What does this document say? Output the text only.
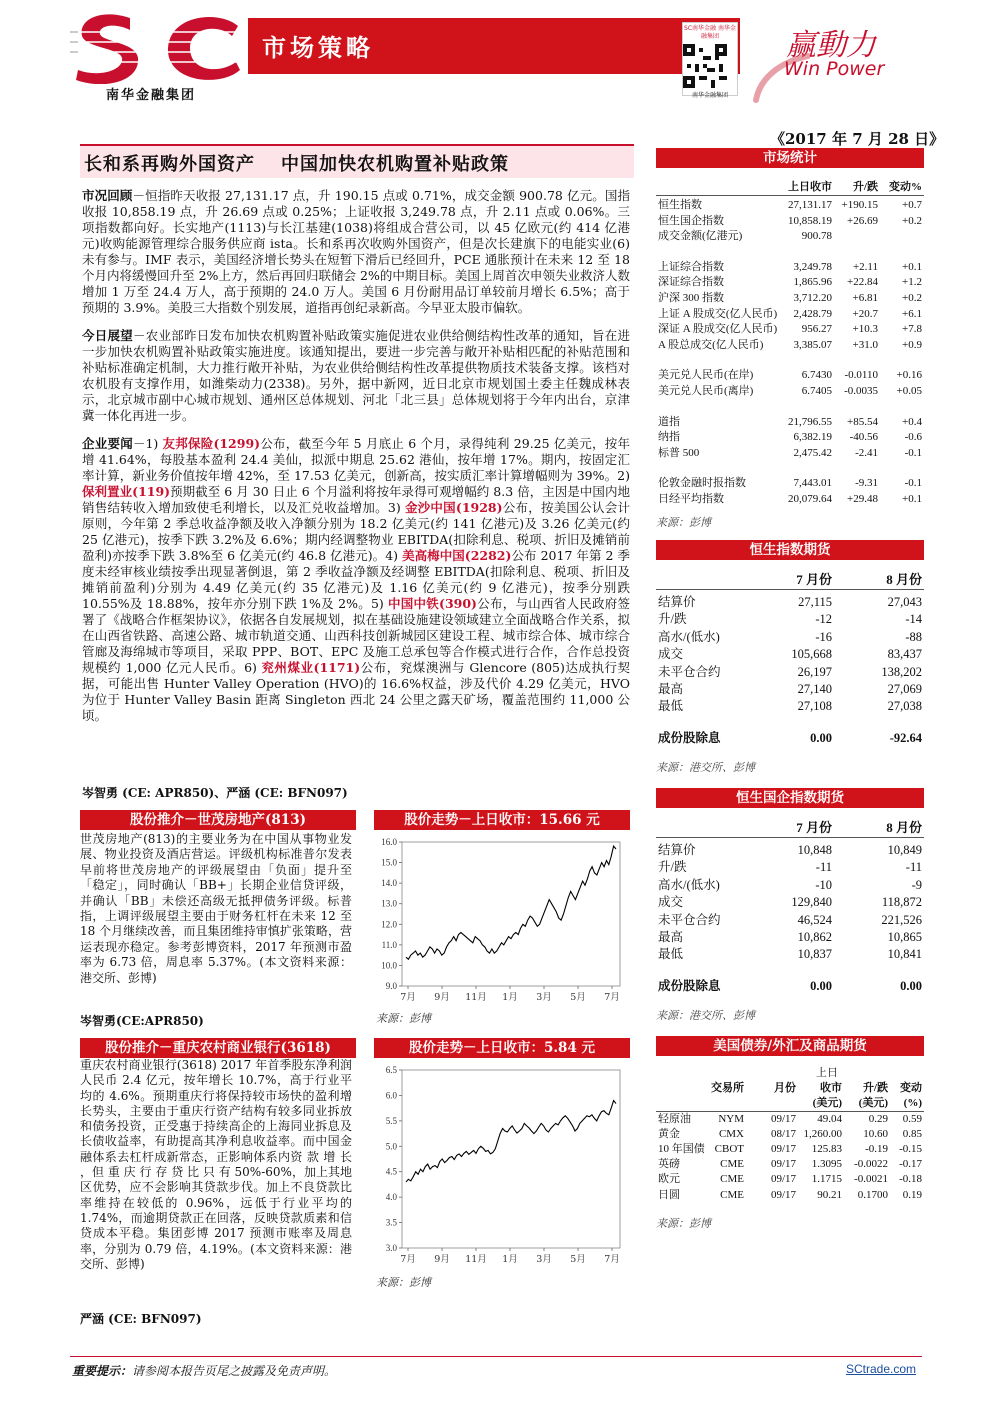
南华金融集团
市场策略
SC南华金融 南华金融集团
南华金融集团
赢動力
Win Power
《2017 年 7 月 28 日》
长和系再购外国资产 中国加快农机购置补贴政策

市况回顾－恒指昨天收报 27,131.17 点，升 190.15 点或 0.71%，成交金额 900.78 亿元。国指收报 10,858.19 点，升 26.69 点或 0.25%；上证收报 3,249.78 点，升 2.11 点或 0.06%。三项指数都向好。长实地产(1113)与长江基建(1038)将组成合营公司，以 45 亿欧元(约 414 亿港元)收购能源管理综合服务供应商 ista。长和系再次收购外国资产，但是次长建旗下的电能实业(6)未有参与。IMF 表示，美国经济增长势头在短暂下滑后已经回升，PCE 通胀预计在未来 12 至 18 个月内将缓慢回升至 2%上方，然后再回归联储会 2%的中期目标。美国上周首次申领失业救济人数增加 1 万至 24.4 万人，高于预期的 24.0 万人。美国 6 月份耐用品订单较前月增长 6.5%；高于预期的 3.9%。美股三大指数个别发展，道指再创纪录新高。今早亚太股市偏软。

今日展望－农业部昨日发布加快农机购置补贴政策实施促进农业供给侧结构性改革的通知，旨在进一步加快农机购置补贴政策实施进度。该通知提出，要进一步完善与敞开补贴相匹配的补贴范围和补贴标准确定机制，大力推行敞开补贴，为农业供给侧结构性改革提供物质技术装备支撑。该档对农机股有支撑作用，如潍柴动力(2338)。另外，据中新网，近日北京市规划国土委主任魏成林表示，北京城市副中心城市规划、通州区总体规划、河北「北三县」总体规划将于今年内出台，京津冀一体化再进一步。

企业要闻－1) 友邦保险(1299)公布，截至今年 5 月底止 6 个月，录得纯利 29.25 亿美元，按年增 41.64%，每股基本盈利 24.4 美仙，拟派中期息 25.62 港仙，按年增 17%。期内，按固定汇率计算，新业务价值按年增 42%，至 17.53 亿美元，创新高，按实质汇率计算增幅则为 39%。2) 保利置业(119)预期截至 6 月 30 日止 6 个月溢利将按年录得可观增幅约 8.3 倍，主因是中国内地销售结转收入增加致使毛利增长，以及汇兑收益增加。3) 金沙中国(1928)公布，按美国公认会计原则，今年第 2 季总收益净额及收入净额分别为 18.2 亿美元(约 141 亿港元)及 3.26 亿美元(约 25 亿港元)，按季下跌 3.2%及 6.6%；期内经调整物业 EBITDA(扣除利息、税项、折旧及摊销前盈利)亦按季下跌 3.8%至 6 亿美元(约 46.8 亿港元)。4) 美高梅中国(2282)公布 2017 年第 2 季度未经审核业绩按季出现显著倒退，第 2 季收益净额及经调整 EBITDA(扣除利息、税项、折旧及摊销前盈利)分别为 4.49 亿美元(约 35 亿港元)及 1.16 亿美元(约 9 亿港元)，按季分别跌 10.55%及 18.88%，按年亦分别下跌 1%及 2%。5) 中国中铁(390)公布，与山西省人民政府签署了《战略合作框架协议》，依据各自发展规划，拟在基础设施建设领域建立全面战略合作关系，拟在山西省铁路、高速公路、城市轨道交通、山西科技创新城园区建设工程、城市综合体、城市综合管廊及海绵城市等项目，采取 PPP、BOT、EPC 及施工总承包等合作模式进行合作，合作总投资规模约 1,000 亿元人民币。6) 兖州煤业(1171)公布，兖煤澳洲与 Glencore (805)达成执行契据，可能出售 Hunter Valley Operation (HVO)的 16.6%权益，涉及代价 4.29 亿美元，HVO 为位于 Hunter Valley Basin 距离 Singleton 西北 24 公里之露天矿场，覆盖范围约 11,000 公顷。

岑智勇 (CE: APR850)、严涵 (CE: BFN097)
股份推介－世茂房地产(813)
世茂房地产(813)的主要业务为在中国从事物业发展、物业投资及酒店营运。评级机构标准普尔发表早前将世茂房地产的评级展望由「负面」提升至「稳定」，同时确认「BB+」长期企业信贷评级，并确认「BB」未偿还高级无抵押债务评级。标普指，上调评级展望主要由于财务杠杆在未来 12 至 18 个月继续改善，而且集团维持审慎扩张策略，营运表现亦稳定。参考彭博资料，2017 年预测市盈率为 6.73 倍，周息率 5.37%。(本文资料来源：港交所、彭博)
岑智勇(CE:APR850)
股价走势－上日收市：15.66 元
9.0
10.0
11.0
12.0
13.0
14.0
15.0
16.0
7月 9月 11月 1月 3月 5月 7月
来源：彭博
股份推介－重庆农村商业银行(3618)
重庆农村商业银行(3618) 2017 年首季股东净利润人民币 2.4 亿元，按年增长 10.7%，高于行业平均的 4.6%。预期重庆行将保持较市场快的盈利增长势头，主要由于重庆行资产结构有较多同业拆放和债务投资，正受惠于持续高企的上海同业拆息及长债收益率，有助提高其净利息收益率。而中国金融体系去杠杆成新常态，正影响体系内资 款 增 长 ，但 重 庆 行 存 贷 比 只 有 50%-60%，加上其地区优势，应不会影响其贷款步伐。加上不良贷款比率维持在较低的 0.96%，远低于行业平均的 1.74%，而逾期贷款正在回落，反映贷款质素和信贷成本平稳。集团彭博 2017 预测市账率及周息率，分别为 0.79 倍，4.19%。(本文资料来源：港交所、彭博)
严涵 (CE: BFN097)
股价走势－上日收市：5.84 元
3.0
3.5
4.0
4.5
5.0
5.5
6.0
6.5
7月 9月 11月 1月 3月 5月 7月
来源：彭博
市场统计
上日收市 升/跌 变动%
恒生指数	27,131.17 +190.15 +0.7
恒生国企指数	10,858.19 +26.69 +0.2
成交金额(亿港元)	900.78
上证综合指数	3,249.78 +2.11 +0.1
深证综合指数	1,865.96 +22.84 +1.2
沪深 300 指数	3,712.20 +6.81 +0.2
上证 A 股成交(亿人民币) 2,428.79 +20.7 +6.1
深证 A 股成交(亿人民币) 956.27 +10.3 +7.8
A 股总成交(亿人民币)	3,385.07 +31.0 +0.9
美元兑人民币(在岸)	6.7430 -0.0110 +0.16
美元兑人民币(离岸)	6.7405 -0.0035 +0.05
道指	21,796.55 +85.54 +0.4
纳指	6,382.19 -40.56 -0.6
标普 500	2,475.42 -2.41 -0.1
伦敦金融时报指数	7,443.01 -9.31 -0.1
日经平均指数	20,079.64 +29.48 +0.1
来源：彭博
恒生指数期货
7 月份	8 月份
结算价	27,115	27,043
升/跌	-12	-14
高水/(低水)	-16	-88
成交	105,668	83,437
未平仓合约	26,197	138,202
最高	27,140	27,069
最低	27,108	27,038
成份股除息	0.00	-92.64
来源：港交所、彭博
恒生国企指数期货
7 月份	8 月份
结算价	10,848	10,849
升/跌	-11	-11
高水/(低水)	-10	-9
成交	129,840	118,872
未平仓合约	46,524	221,526
最高	10,862	10,865
最低	10,837	10,841
成份股除息	0.00	0.00
来源：港交所、彭博
美国债券/外汇及商品期货
上日
交易所	月份 收市 升/跌 变动
(美元) (美元) (%)
轻原油 NYM 09/17 49.04 0.29 0.59
黄金	CMX 08/17 1,260.00 10.60 0.85
10 年国债 CBOT 09/17 125.83 -0.19 -0.15
英磅	CME 09/17 1.3095 -0.0022 -0.17
欧元	CME 09/17 1.1715 -0.0021 -0.18
日圆	CME 09/17 90.21 0.1700 0.19
来源：彭博
重要提示：请参阅本报告页尾之披露及免责声明。	SCtrade.com
